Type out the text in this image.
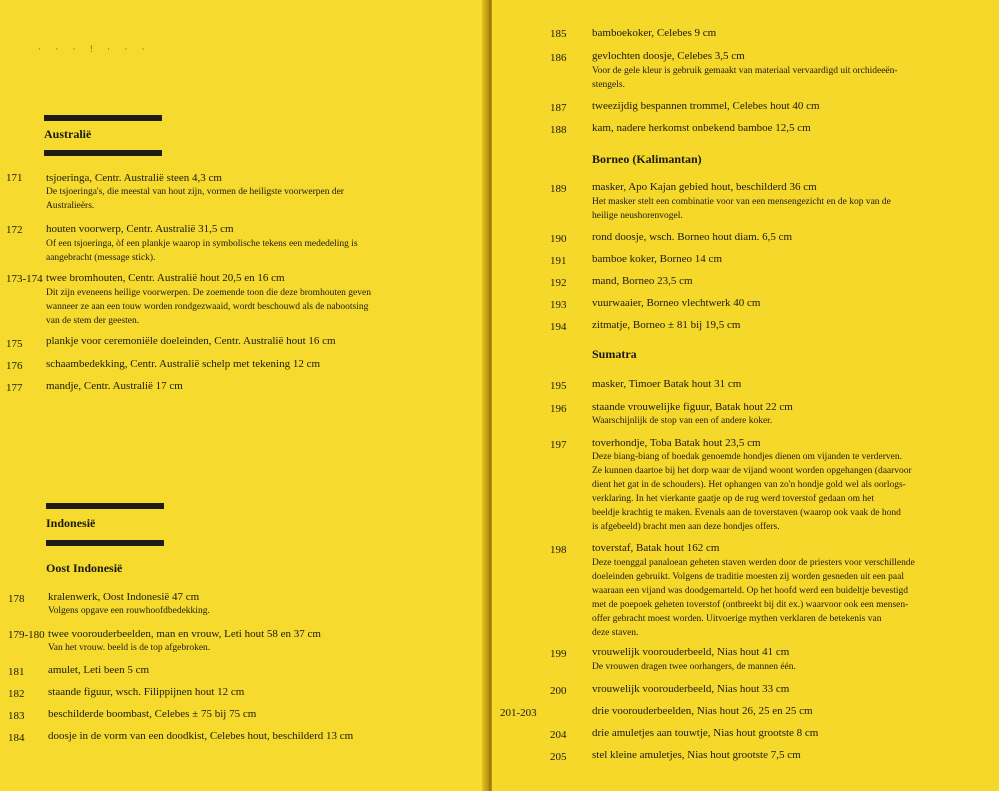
· · · ! · · ·
Australië
171 tsjoeringa, Centr. Australië steen 4,3 cm
De tsjoeringa's, die meestal van hout zijn, vormen de heiligste voorwerpen der
Australieërs.
172 houten voorwerp, Centr. Australië 31,5 cm
Of een tsjoeringa, òf een plankje waarop in symbolische tekens een mededeling is
aangebracht (message stick).
173-174 twee bromhouten, Centr. Australië hout 20,5 en 16 cm
Dit zijn eveneens heilige voorwerpen. De zoemende toon die deze bromhouten geven
wanneer ze aan een touw worden rondgezwaaid, wordt beschouwd als de nabootsing
van de stem der geesten.
175 plankje voor ceremoniële doeleinden, Centr. Australië hout 16 cm
176 schaambedekking, Centr. Australië schelp met tekening 12 cm
177 mandje, Centr. Australië 17 cm
Indonesië
Oost Indonesië
178 kralenwerk, Oost Indonesië 47 cm
Volgens opgave een rouwhoofdbedekking.
179-180 twee voorouderbeelden, man en vrouw, Leti hout 58 en 37 cm
Van het vrouw. beeld is de top afgebroken.
181 amulet, Leti been 5 cm
182 staande figuur, wsch. Filippijnen hout 12 cm
183 beschilderde boombast, Celebes ± 75 bij 75 cm
184 doosje in de vorm van een doodkist, Celebes hout, beschilderd 13 cm
185 bamboekoker, Celebes 9 cm
186 gevlochten doosje, Celebes 3,5 cm
Voor de gele kleur is gebruik gemaakt van materiaal vervaardigd uit orchideeën-
stengels.
187 tweezijdig bespannen trommel, Celebes hout 40 cm
188 kam, nadere herkomst onbekend bamboe 12,5 cm
Borneo (Kalimantan)
189 masker, Apo Kajan gebied hout, beschilderd 36 cm
Het masker stelt een combinatie voor van een mensengezicht en de kop van de
heilige neushorenvogel.
190 rond doosje, wsch. Borneo hout diam. 6,5 cm
191 bamboe koker, Borneo 14 cm
192 mand, Borneo 23,5 cm
193 vuurwaaier, Borneo vlechtwerk 40 cm
194 zitmatje, Borneo ± 81 bij 19,5 cm
Sumatra
195 masker, Timoer Batak hout 31 cm
196 staande vrouwelijke figuur, Batak hout 22 cm
Waarschijnlijk de stop van een of andere koker.
197 toverhondje, Toba Batak hout 23,5 cm
Deze biang-biang of boedak genoemde hondjes dienen om vijanden te verderven.
Ze kunnen daartoe bij het dorp waar de vijand woont worden opgehangen (daarvoor
dient het gat in de schouders). Het ophangen van zo'n hondje gold wel als oorlogs-
verklaring. In het vierkante gaatje op de rug werd toverstof gedaan om het
beeldje krachtig te maken. Evenals aan de toverstaven (waarop ook vaak de hond
is afgebeeld) bracht men aan deze hondjes offers.
198 toverstaf, Batak hout 162 cm
Deze toenggal panaloean geheten staven werden door de priesters voor verschillende
doeleinden gebruikt. Volgens de traditie moesten zij worden gesneden uit een paal
waaraan een vijand was doodgemarteld. Op het hoofd werd een buideltje bevestigd
met de poepoek geheten toverstof (ontbreekt bij dit ex.) waarvoor ook een mensen-
offer gebracht moest worden. Uitvoerige mythen verklaren de betekenis van
deze staven.
199 vrouwelijk voorouderbeeld, Nias hout 41 cm
De vrouwen dragen twee oorhangers, de mannen één.
200 vrouwelijk voorouderbeeld, Nias hout 33 cm
201-203	drie voorouderbeelden, Nias hout 26, 25 en 25 cm
204 drie amuletjes aan touwtje, Nias hout grootste 8 cm
205 stel kleine amuletjes, Nias hout grootste 7,5 cm
